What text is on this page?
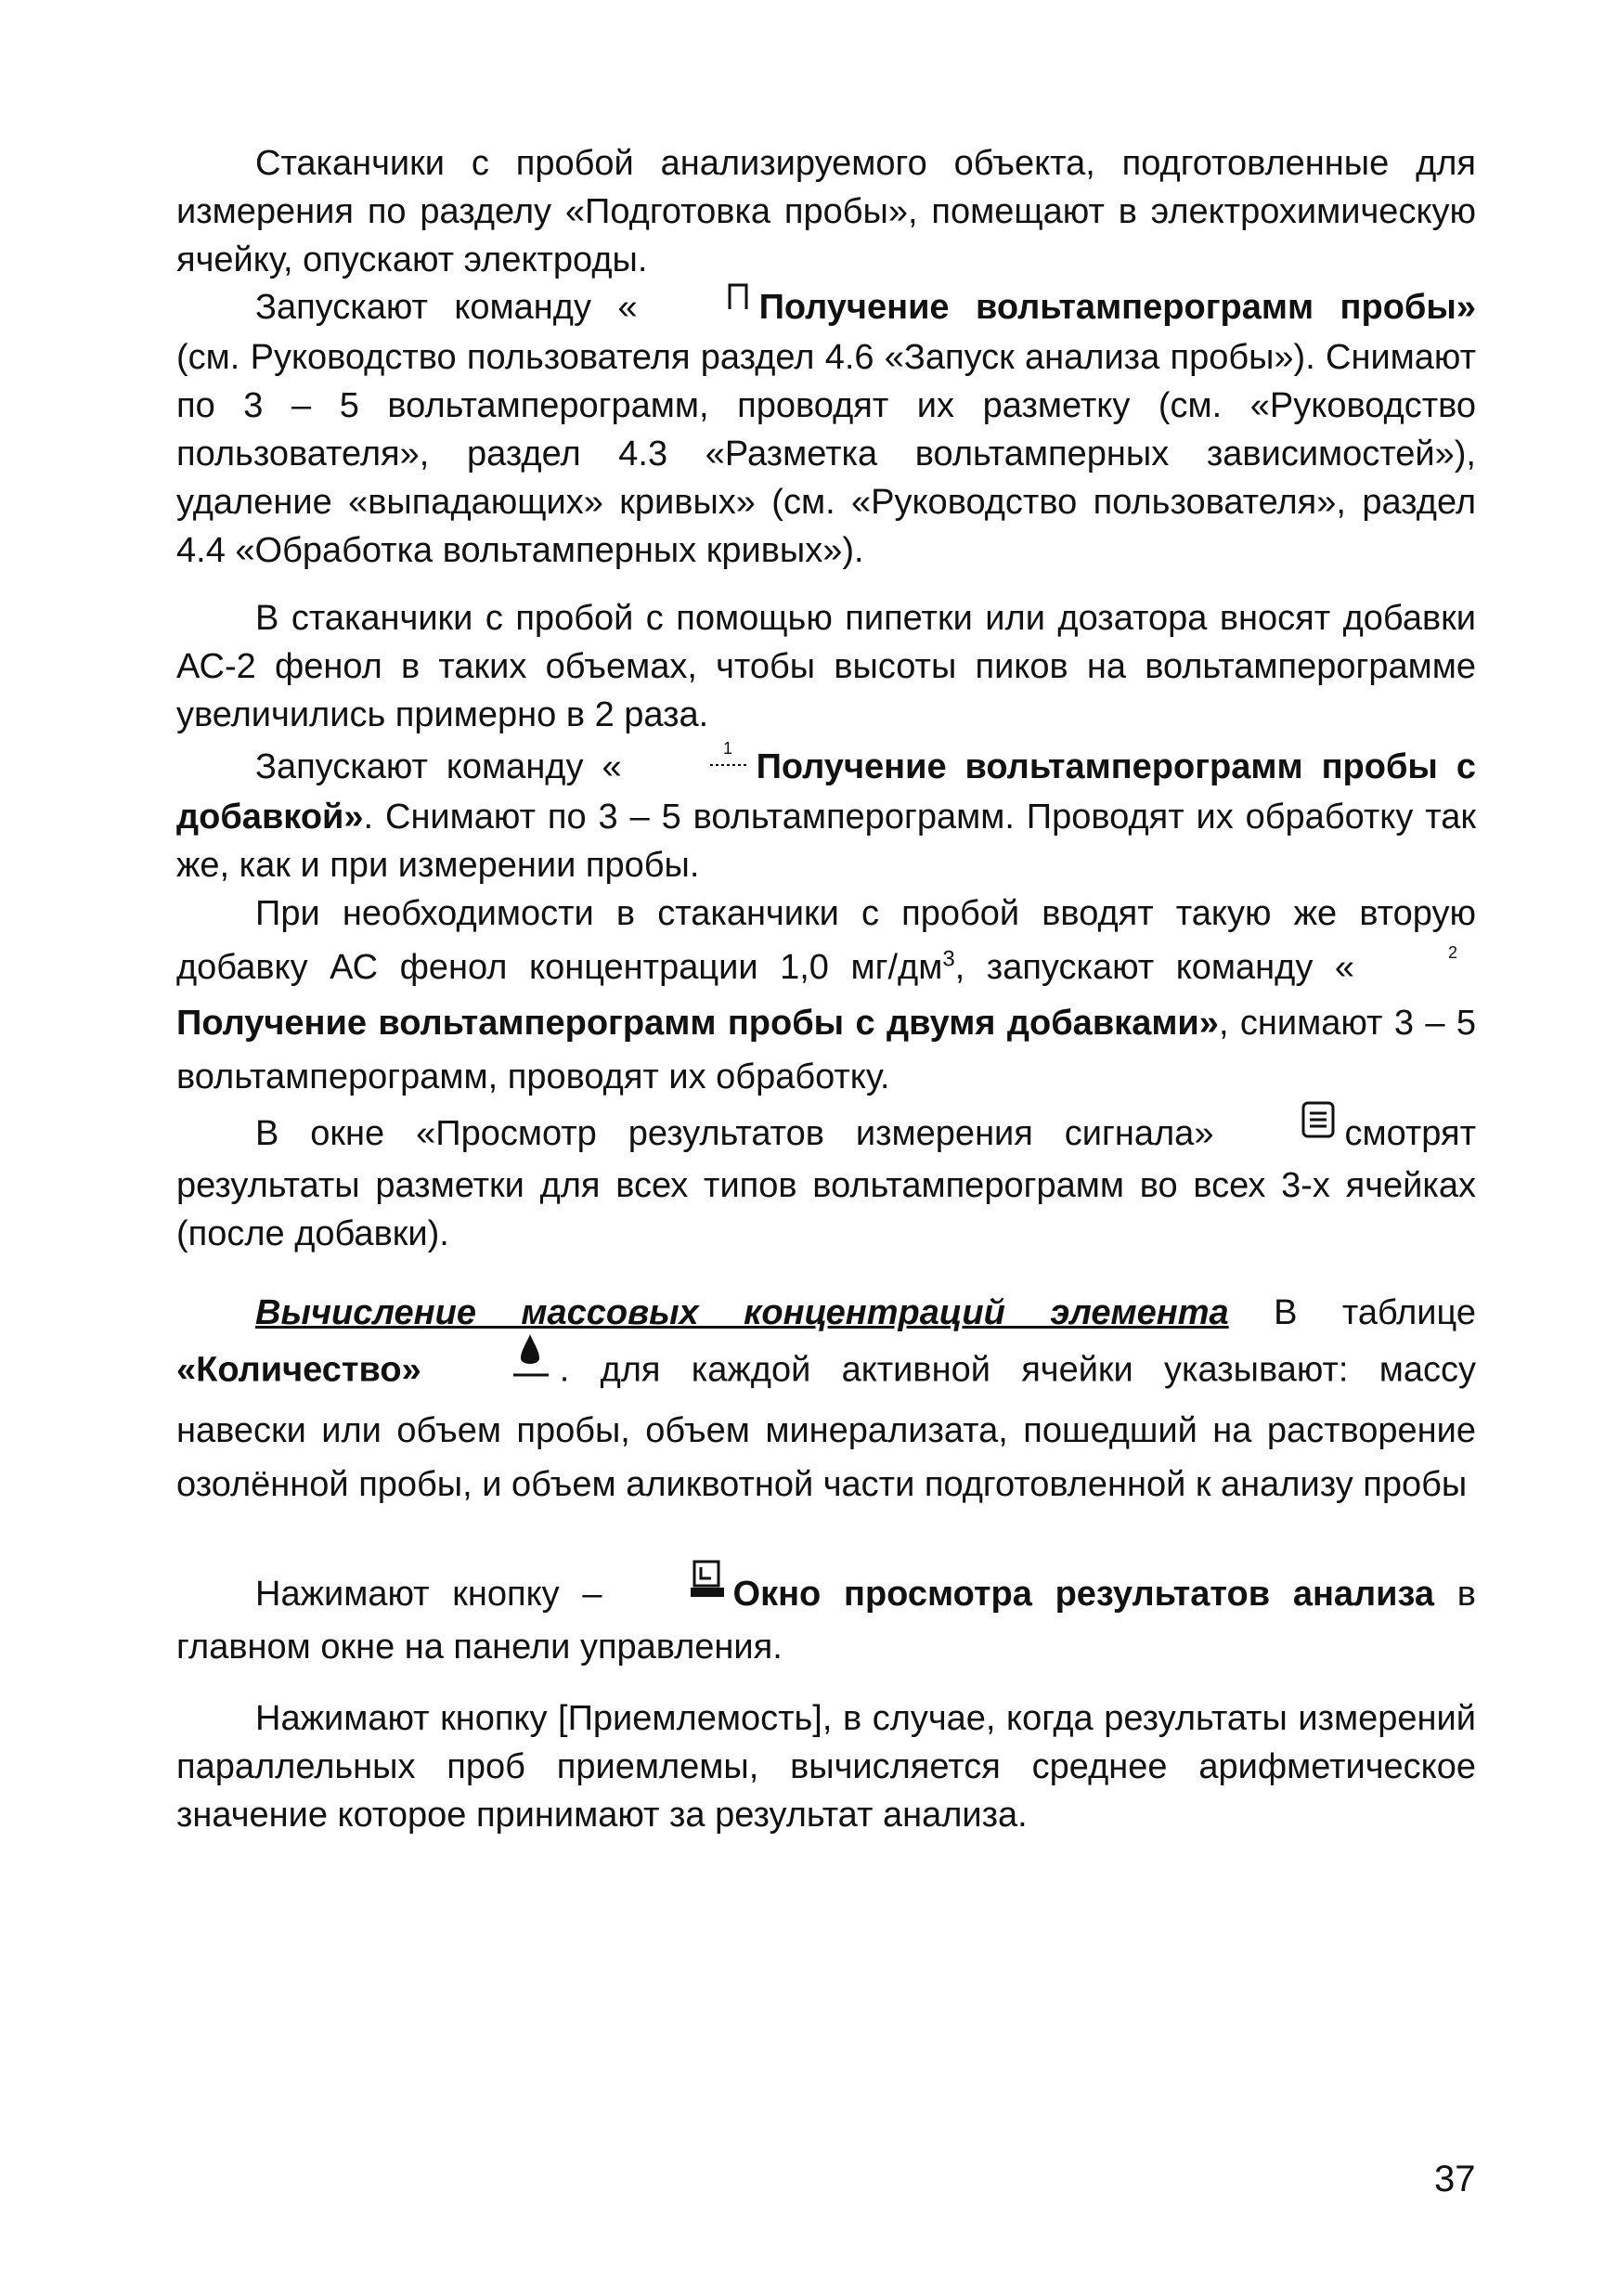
Стаканчики с пробой анализируемого объекта, подготовленные для измерения по разделу «Подготовка пробы», помещают в электрохимическую ячейку, опускают электроды.

Запускают команду «	Получение вольтамперограмм пробы» (см. Руководство пользователя раздел 4.6 «Запуск анализа пробы»). Снимают по 3 – 5 вольтамперограмм, проводят их разметку (см. «Руководство пользователя», раздел 4.3 «Разметка вольтамперных зависимостей»), удаление «выпадающих» кривых» (см. «Руководство пользователя», раздел 4.4 «Обработка вольтамперных кривых»).

В стаканчики с пробой с помощью пипетки или дозатора вносят добавки АС-2 фенол в таких объемах, чтобы высоты пиков на вольтамперограмме увеличились примерно в 2 раза.

Запускают команду «	1 Получение вольтамперограмм пробы с добавкой». Снимают по 3 – 5 вольтамперограмм. Проводят их обработку так же, как и при измерении пробы.

При необходимости в стаканчики с пробой вводят такую же вторую добавку АС фенол концентрации 1,0 $мг/дм^3$, запускают команду «	2
Получение вольтамперограмм пробы с двумя добавками», снимают 3 – 5 вольтамперограмм, проводят их обработку.

В окне «Просмотр результатов измерения сигнала»	смотрят результаты разметки для всех типов вольтамперограмм во всех 3-х ячейках (после добавки).

Вычисление массовых концентраций элемента В таблице «Количество»	. для каждой активной ячейки указывают: массу навески или объем пробы, объем минерализата, пошедший на растворение озолённой пробы, и объем аликвотной части подготовленной к анализу пробы

Нажимают кнопку –	Окно просмотра результатов анализа в главном окне на панели управления.

Нажимают кнопку [Приемлемость], в случае, когда результаты измерений параллельных проб приемлемы, вычисляется среднее арифметическое значение которое принимают за результат анализа.

37
